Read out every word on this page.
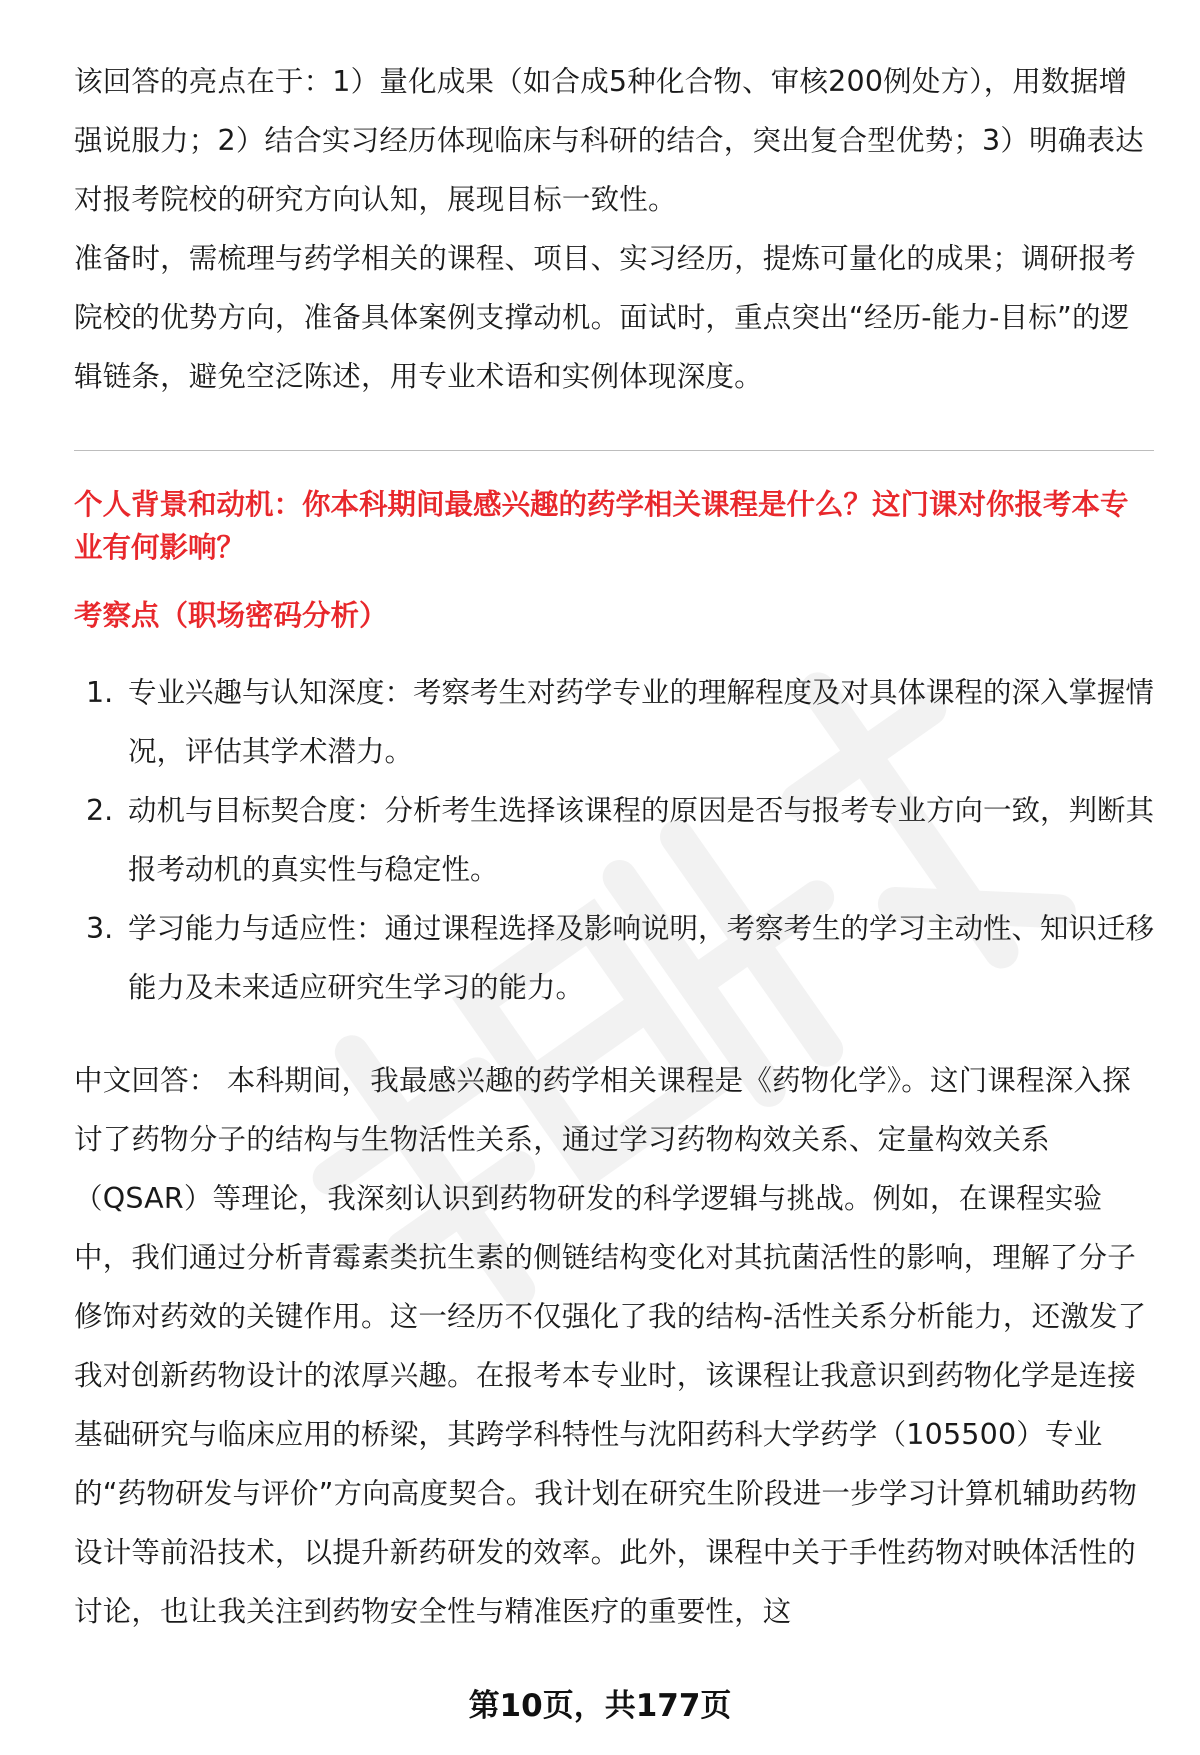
该回答的亮点在于：1）量化成果（如合成5种化合物、审核200例处方），用数据增强说服力；2）结合实习经历体现临床与科研的结合，突出复合型优势；3）明确表达对报考院校的研究方向认知，展现目标一致性。

准备时，需梳理与药学相关的课程、项目、实习经历，提炼可量化的成果；调研报考院校的优势方向，准备具体案例支撑动机。面试时，重点突出“经历-能力-目标”的逻辑链条，避免空泛陈述，用专业术语和实例体现深度。

个人背景和动机：你本科期间最感兴趣的药学相关课程是什么？这门课对你报考本专业有何影响？

考察点（职场密码分析）

1. 专业兴趣与认知深度：考察考生对药学专业的理解程度及对具体课程的深入掌握情况，评估其学术潜力。
2. 动机与目标契合度：分析考生选择该课程的原因是否与报考专业方向一致，判断其报考动机的真实性与稳定性。
3. 学习能力与适应性：通过课程选择及影响说明，考察考生的学习主动性、知识迁移能力及未来适应研究生学习的能力。

中文回答： 本科期间，我最感兴趣的药学相关课程是《药物化学》。这门课程深入探讨了药物分子的结构与生物活性关系，通过学习药物构效关系、定量构效关系（QSAR）等理论，我深刻认识到药物研发的科学逻辑与挑战。例如，在课程实验中，我们通过分析青霉素类抗生素的侧链结构变化对其抗菌活性的影响，理解了分子修饰对药效的关键作用。这一经历不仅强化了我的结构-活性关系分析能力，还激发了我对创新药物设计的浓厚兴趣。在报考本专业时，该课程让我意识到药物化学是连接基础研究与临床应用的桥梁，其跨学科特性与沈阳药科大学药学（105500）专业的“药物研发与评价”方向高度契合。我计划在研究生阶段进一步学习计算机辅助药物设计等前沿技术，以提升新药研发的效率。此外，课程中关于手性药物对映体活性的讨论，也让我关注到药物安全性与精准医疗的重要性，这

第10页，共177页
